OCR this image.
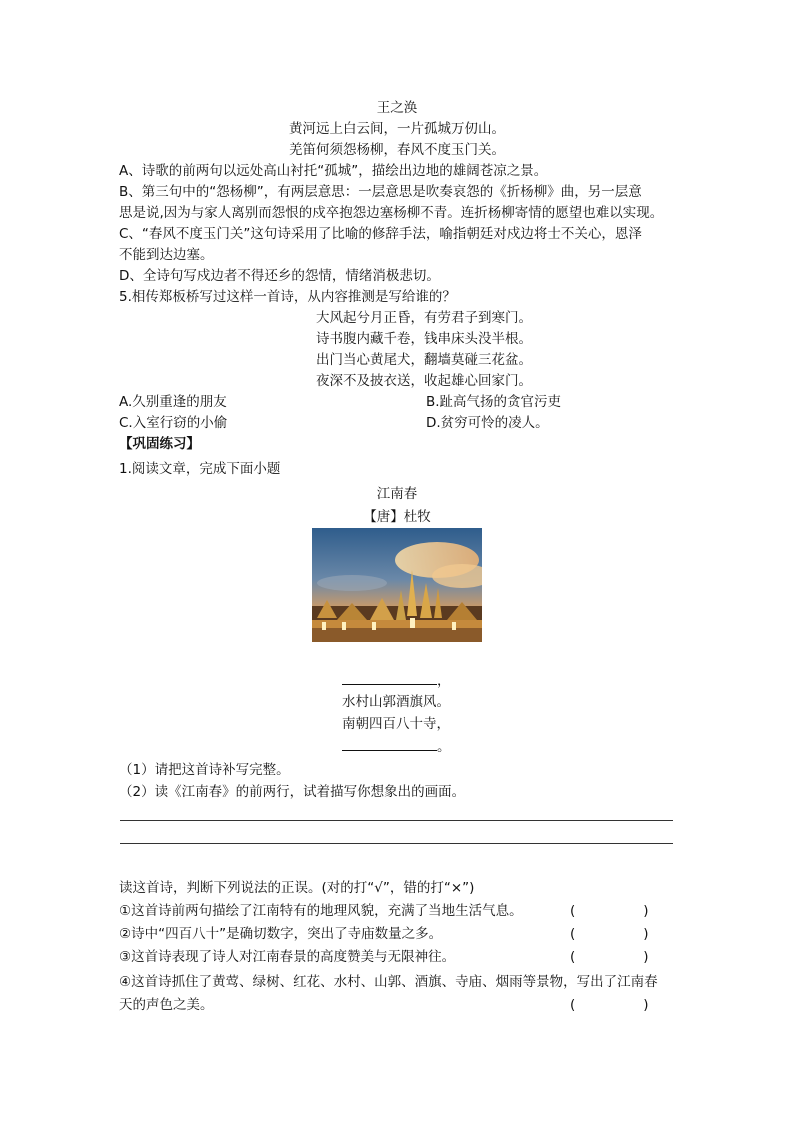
王之涣
黄河远上白云间，一片孤城万仞山。
羌笛何须怨杨柳，春风不度玉门关。
A、诗歌的前两句以远处高山衬托“孤城”，描绘出边地的雄阔苍凉之景。
B、第三句中的“怨杨柳”，有两层意思：一层意思是吹奏哀怨的《折杨柳》曲，另一层意
思是说,因为与家人离别而怨恨的戍卒抱怨边塞杨柳不青。连折杨柳寄情的愿望也难以实现。
C、“春风不度玉门关”这句诗采用了比喻的修辞手法，喻指朝廷对戍边将士不关心，恩泽
不能到达边塞。
D、全诗句写戍边者不得还乡的怨情，情绪消极悲切。
5.相传郑板桥写过这样一首诗，从内容推测是写给谁的？
大风起兮月正昏，有劳君子到寒门。
诗书腹内藏千卷，钱串床头没半根。
出门当心黄尾犬，翻墙莫碰三花盆。
夜深不及披衣送，收起雄心回家门。
A.久别重逢的朋友	B.趾高气扬的贪官污吏
C.入室行窃的小偷	D.贫穷可怜的凌人。
【巩固练习】
1.阅读文章，完成下面小题
江南春
【唐】杜牧
，
水村山郭酒旗风。
南朝四百八十寺，
。
（1）请把这首诗补写完整。
（2）读《江南春》的前两行，试着描写你想象出的画面。
读这首诗，判断下列说法的正误。(对的打“√”，错的打“×”)
①这首诗前两句描绘了江南特有的地理风貌，充满了当地生活气息。	(	)
②诗中“四百八十”是确切数字，突出了寺庙数量之多。	(	)
③这首诗表现了诗人对江南春景的高度赞美与无限神往。	(	)
④这首诗抓住了黄莺、绿树、红花、水村、山郭、酒旗、寺庙、烟雨等景物，写出了江南春
天的声色之美。	(	)
